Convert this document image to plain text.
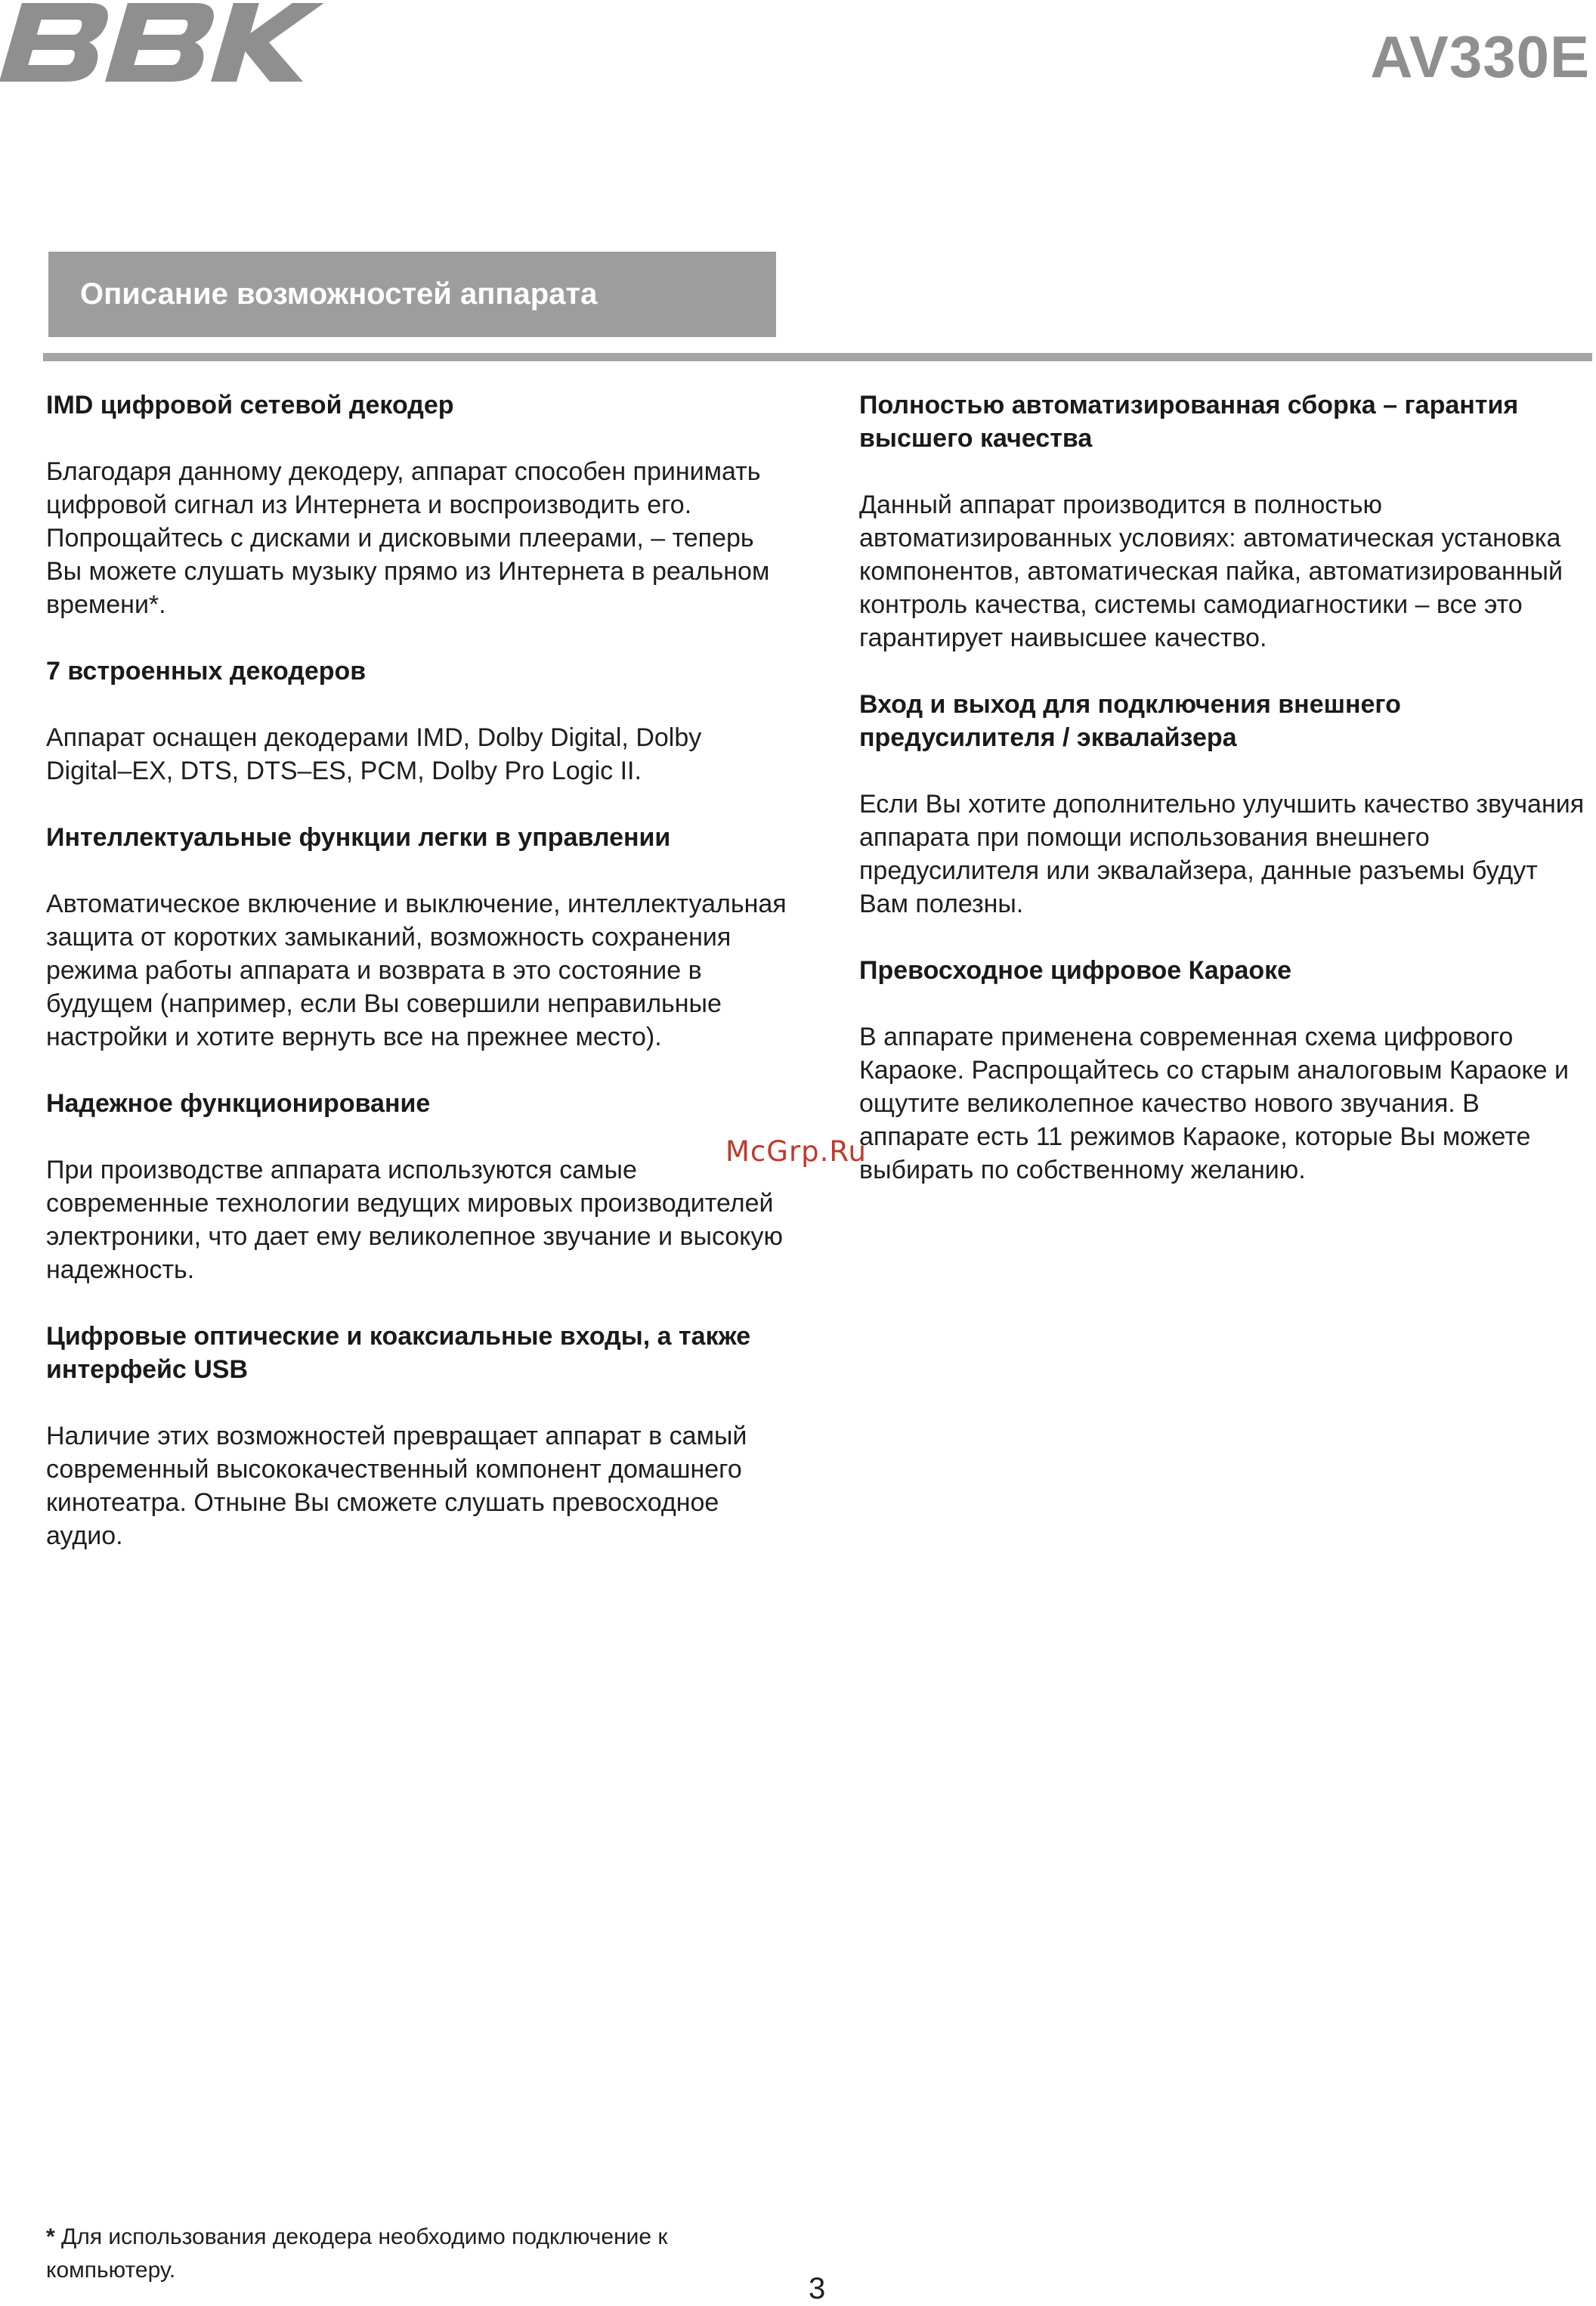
AV330E
Описание возможностей аппарата
IMD цифровой сетевой декодер

Благодаря данному декодеру, аппарат способен принимать цифровой сигнал из Интернета и воспроизводить его. Попрощайтесь с дисками и дисковыми плеерами, – теперь Вы можете слушать музыку прямо из Интернета в реальном времени*.

7 встроенных декодеров

Аппарат оснащен декодерами IMD, Dolby Digital, Dolby Digital–EX, DTS, DTS–ES, PCM, Dolby Pro Logic II.

Интеллектуальные функции легки в управлении

Автоматическое включение и выключение, интеллектуальная защита от коротких замыканий, возможность сохранения режима работы аппарата и возврата в это состояние в будущем (например, если Вы совершили неправильные настройки и хотите вернуть все на прежнее место).

Надежное функционирование

При производстве аппарата используются самые современные технологии ведущих мировых производителей электроники, что дает ему великолепное звучание и высокую надежность.

Цифровые оптические и коаксиальные входы, а также интерфейс USB

Наличие этих возможностей превращает аппарат в самый современный высококачественный компонент домашнего кинотеатра. Отныне Вы сможете слушать превосходное аудио.

Полностью автоматизированная сборка – гарантия высшего качества

Данный аппарат производится в полностью автоматизированных условиях: автоматическая установка компонентов, автоматическая пайка, автоматизированный контроль качества, системы самодиагностики – все это гарантирует наивысшее качество.

Вход и выход для подключения внешнего предусилителя / эквалайзера

Если Вы хотите дополнительно улучшить качество звучания аппарата при помощи использования внешнего предусилителя или эквалайзера, данные разъемы будут Вам полезны.

Превосходное цифровое Караоке

В аппарате применена современная схема цифрового Караоке. Распрощайтесь со старым аналоговым Караоке и ощутите великолепное качество нового звучания. В аппарате есть 11 режимов Караоке, которые Вы можете выбирать по собственному желанию.

McGrp.Ru
* Для использования декодера необходимо подключение к компьютеру.
3
